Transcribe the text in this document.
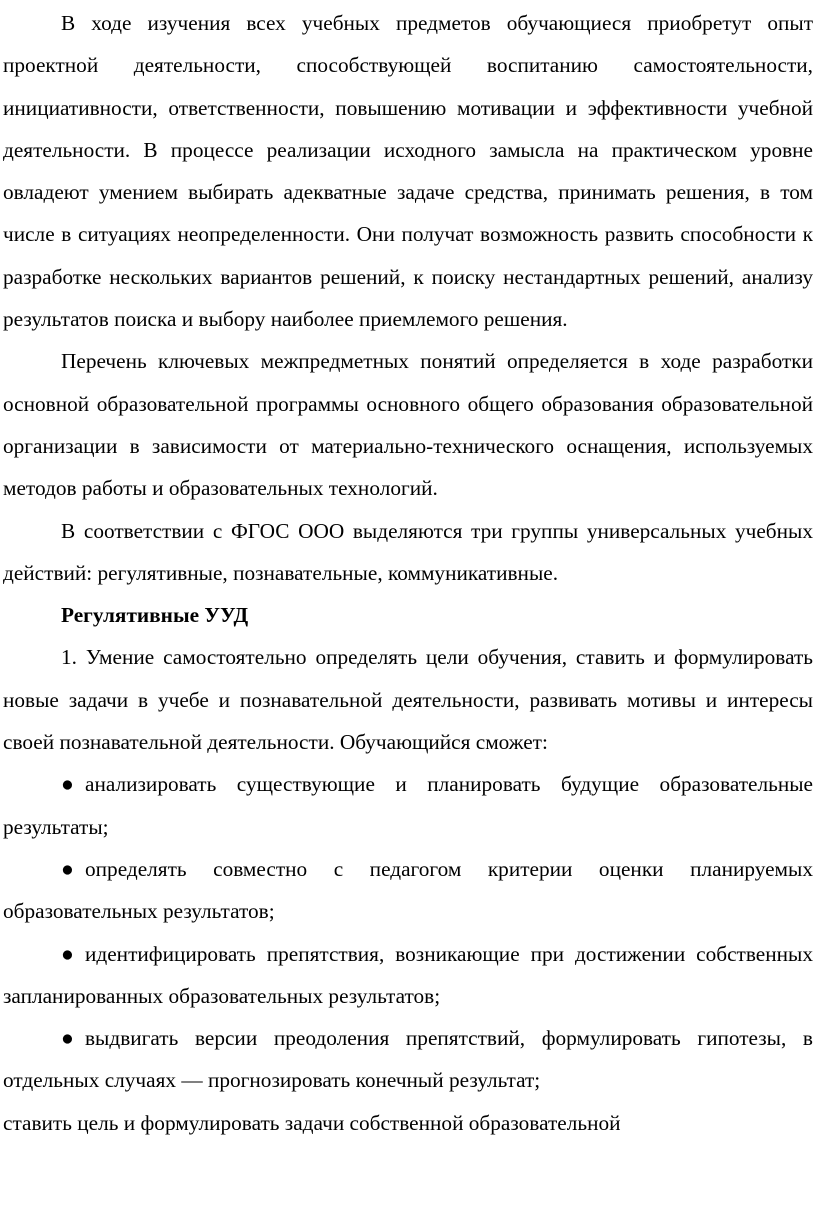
В ходе изучения всех учебных предметов обучающиеся приобретут опыт проектной деятельности, способствующей воспитанию самостоятельности, инициативности, ответственности, повышению мотивации и эффективности учебной деятельности. В процессе реализации исходного замысла на практическом уровне овладеют умением выбирать адекватные задаче средства, принимать решения, в том числе в ситуациях неопределенности. Они получат возможность развить способности к разработке нескольких вариантов решений, к поиску нестандартных решений, анализу результатов поиска и выбору наиболее приемлемого решения.

Перечень ключевых межпредметных понятий определяется в ходе разработки основной образовательной программы основного общего образования образовательной организации в зависимости от материально-технического оснащения, используемых методов работы и образовательных технологий.

В соответствии с ФГОС ООО выделяются три группы универсальных учебных действий: регулятивные, познавательные, коммуникативные.

Регулятивные УУД

1. Умение самостоятельно определять цели обучения, ставить и формулировать новые задачи в учебе и познавательной деятельности, развивать мотивы и интересы своей познавательной деятельности. Обучающийся сможет:

● анализировать существующие и планировать будущие образовательные результаты;

● определять совместно с педагогом критерии оценки планируемых образовательных результатов;

● идентифицировать препятствия, возникающие при достижении собственных запланированных образовательных результатов;

● выдвигать версии преодоления препятствий, формулировать гипотезы, в отдельных случаях — прогнозировать конечный результат;

ставить цель и формулировать задачи собственной образовательной
